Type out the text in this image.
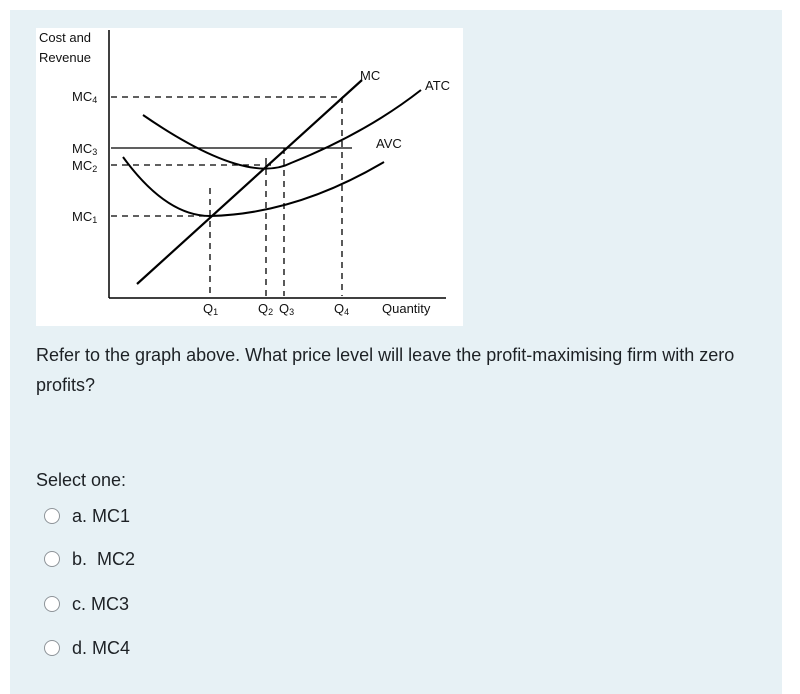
Cost and
Revenue
$MC_4$
$MC_3$
$MC_2$
$MC_1$
$Q_1$	$Q_2$ $Q_3$	$Q_4$	Quantity
MC
ATC
AVC
Refer to the graph above. What price level will leave the profit-maximising firm with zero profits?
Select one:
a.
MC1
b.
MC2
c.
MC3
d.
MC4
